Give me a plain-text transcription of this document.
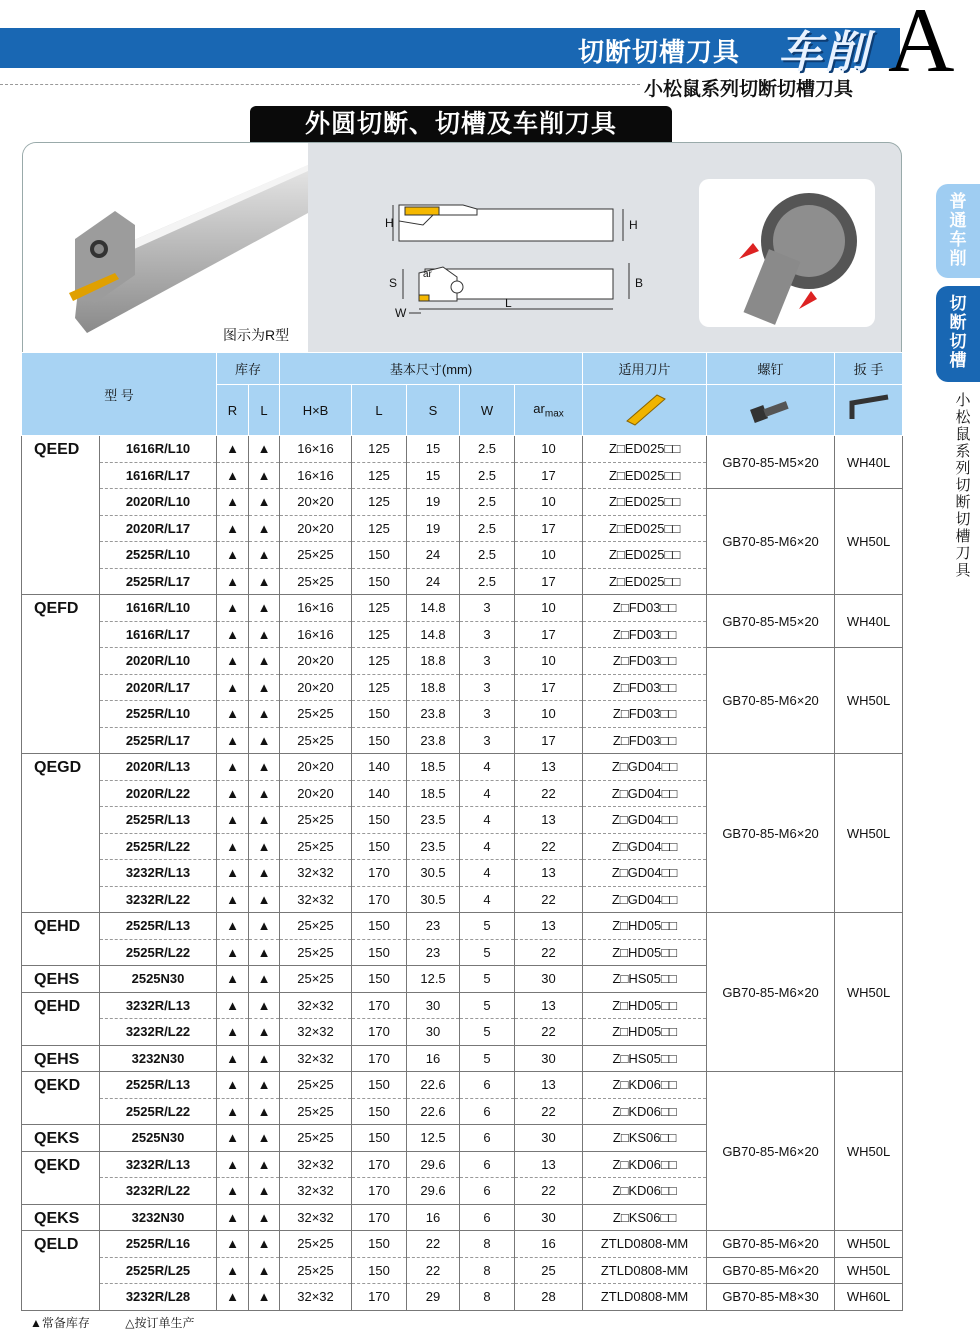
切断切槽刀具 车削 A
小松鼠系列切断切槽刀具
外圆切断、切槽及车削刀具
图示为R型
H	H
S
ar
W
L
B
普通车削
切断切槽
小松鼠系列切断切槽刀具
型 号		库存		基本尺寸(mm)					适用刀片	螺钉	扳 手
		R	L	H×B	L	S	W	$ar_{max}$			
QEED	1616R/L10	▲	▲	16×16	125	15	2.5	10	Z□ED025□□	GB70-85-M5×20	WH40L
	1616R/L17	▲	▲	16×16	125	15	2.5	17	Z□ED025□□		
	2020R/L10	▲	▲	20×20	125	19	2.5	10	Z□ED025□□	GB70-85-M6×20	WH50L
	2020R/L17	▲	▲	20×20	125	19	2.5	17	Z□ED025□□		
	2525R/L10	▲	▲	25×25	150	24	2.5	10	Z□ED025□□		
	2525R/L17	▲	▲	25×25	150	24	2.5	17	Z□ED025□□		
QEFD	1616R/L10	▲	▲	16×16	125	14.8	3	10	Z□FD03□□	GB70-85-M5×20	WH40L
	1616R/L17	▲	▲	16×16	125	14.8	3	17	Z□FD03□□		
	2020R/L10	▲	▲	20×20	125	18.8	3	10	Z□FD03□□	GB70-85-M6×20	WH50L
	2020R/L17	▲	▲	20×20	125	18.8	3	17	Z□FD03□□		
	2525R/L10	▲	▲	25×25	150	23.8	3	10	Z□FD03□□		
	2525R/L17	▲	▲	25×25	150	23.8	3	17	Z□FD03□□		
QEGD	2020R/L13	▲	▲	20×20	140	18.5	4	13	Z□GD04□□	GB70-85-M6×20	WH50L
	2020R/L22	▲	▲	20×20	140	18.5	4	22	Z□GD04□□		
	2525R/L13	▲	▲	25×25	150	23.5	4	13	Z□GD04□□		
	2525R/L22	▲	▲	25×25	150	23.5	4	22	Z□GD04□□		
	3232R/L13	▲	▲	32×32	170	30.5	4	13	Z□GD04□□		
	3232R/L22	▲	▲	32×32	170	30.5	4	22	Z□GD04□□		
QEHD	2525R/L13	▲	▲	25×25	150	23	5	13	Z□HD05□□	GB70-85-M6×20	WH50L
	2525R/L22	▲	▲	25×25	150	23	5	22	Z□HD05□□		
QEHS	2525N30	▲	▲	25×25	150	12.5	5	30	Z□HS05□□		
QEHD	3232R/L13	▲	▲	32×32	170	30	5	13	Z□HD05□□		
	3232R/L22	▲	▲	32×32	170	30	5	22	Z□HD05□□		
QEHS	3232N30	▲	▲	32×32	170	16	5	30	Z□HS05□□		
QEKD	2525R/L13	▲	▲	25×25	150	22.6	6	13	Z□KD06□□	GB70-85-M6×20	WH50L
	2525R/L22	▲	▲	25×25	150	22.6	6	22	Z□KD06□□		
QEKS	2525N30	▲	▲	25×25	150	12.5	6	30	Z□KS06□□		
QEKD	3232R/L13	▲	▲	32×32	170	29.6	6	13	Z□KD06□□		
	3232R/L22	▲	▲	32×32	170	29.6	6	22	Z□KD06□□		
QEKS	3232N30	▲	▲	32×32	170	16	6	30	Z□KS06□□		
QELD	2525R/L16	▲	▲	25×25	150	22	8	16	ZTLD0808-MM	GB70-85-M6×20	WH50L
	2525R/L25	▲	▲	25×25	150	22	8	25	ZTLD0808-MM	GB70-85-M6×20	WH50L
	3232R/L28	▲	▲	32×32	170	29	8	28	ZTLD0808-MM	GB70-85-M8×30	WH60L
▲常备库存	△按订单生产
